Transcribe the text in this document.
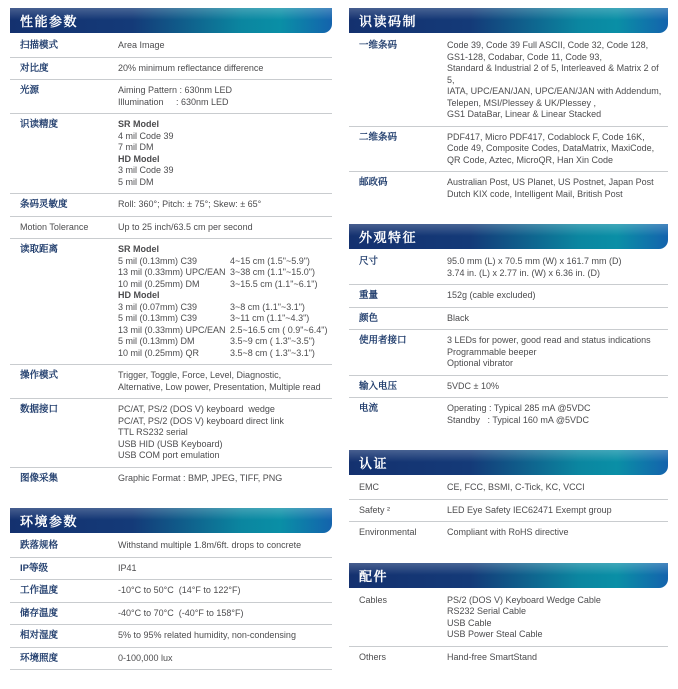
性能参数
扫描模式	Area Image
对比度	20% minimum reflectance difference
光源	Aiming Pattern : 630nm LED
Illumination     : 630nm LED
识读精度	SR Model
4 mil Code 39
7 mil DM
HD Model
3 mil Code 39
5 mil DM
条码灵敏度	Roll: 360°; Pitch: ± 75°; Skew: ± 65°
Motion Tolerance	Up to 25 inch/63.5 cm per second
读取距离	SR Model
5 mil (0.13mm) C39	4~15 cm (1.5"~5.9")
13 mil (0.33mm) UPC/EAN 3~38 cm (1.1"~15.0")
10 mil (0.25mm) DM	3~15.5 cm (1.1"~6.1")
HD Model
3 mil (0.07mm) C39	3~8 cm (1.1"~3.1")
5 mil (0.13mm) C39	3~11 cm (1.1"~4.3")
13 mil (0.33mm) UPC/EAN 2.5~16.5 cm ( 0.9"~6.4")
5 mil (0.13mm) DM	3.5~9 cm ( 1.3"~3.5")
10 mil (0.25mm) QR	3.5~8 cm ( 1.3"~3.1")
操作模式	Trigger, Toggle, Force, Level, Diagnostic,
Alternative, Low power, Presentation, Multiple read
数据接口	PC/AT, PS/2 (DOS V) keyboard  wedge
PC/AT, PS/2 (DOS V) keyboard direct link
TTL RS232 serial
USB HID (USB Keyboard)
USB COM port emulation
图像采集	Graphic Format : BMP, JPEG, TIFF, PNG
环境参数
跌落规格	Withstand multiple 1.8m/6ft. drops to concrete
IP等级	IP41
工作温度	-10°C to 50°C  (14°F to 122°F)
储存温度	-40°C to 70°C  (-40°F to 158°F)
相对湿度	5% to 95% related humidity, non-condensing
环境照度	0-100,000 lux
识读码制
一维条码	Code 39, Code 39 Full ASCII, Code 32, Code 128,
GS1-128, Codabar, Code 11, Code 93,
Standard & Industrial 2 of 5, Interleaved & Matrix 2 of 5,
IATA, UPC/EAN/JAN, UPC/EAN/JAN with Addendum,
Telepen, MSI/Plessey & UK/Plessey ,
GS1 DataBar, Linear & Linear Stacked
二维条码	PDF417, Micro PDF417, Codablock F, Code 16K,
Code 49, Composite Codes, DataMatrix, MaxiCode,
QR Code, Aztec, MicroQR, Han Xin Code
邮政码	Australian Post, US Planet, US Postnet, Japan Post
Dutch KIX code, Intelligent Mail, British Post
外观特征
尺寸	95.0 mm (L) x 70.5 mm (W) x 161.7 mm (D)
3.74 in. (L) x 2.77 in. (W) x 6.36 in. (D)
重量	152g (cable excluded)
颜色	Black
使用者接口	3 LEDs for power, good read and status indications
Programmable beeper
Optional vibrator
输入电压	5VDC ± 10%
电流	Operating : Typical 285 mA @5VDC
Standby   : Typical 160 mA @5VDC
认证
EMC	CE, FCC, BSMI, C-Tick, KC, VCCI
Safety ²	LED Eye Safety IEC62471 Exempt group
Environmental	Compliant with RoHS directive
配件
Cables	PS/2 (DOS V) Keyboard Wedge Cable
RS232 Serial Cable
USB Cable
USB Power Steal Cable
Others	Hand-free SmartStand
